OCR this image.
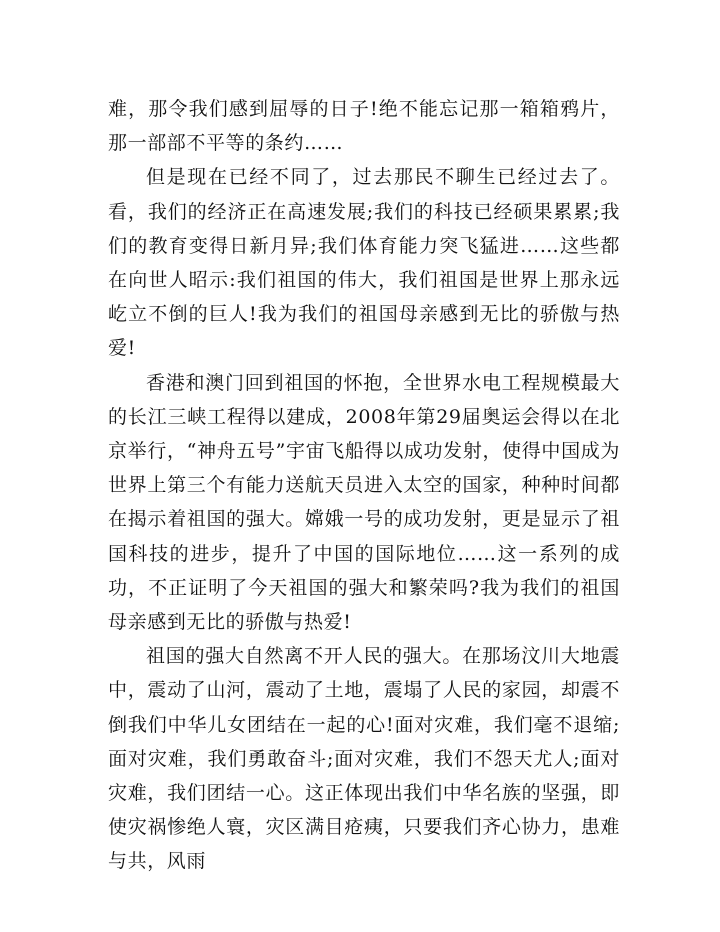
难，那令我们感到屈辱的日子!绝不能忘记那一箱箱鸦片，那一部部不平等的条约……

但是现在已经不同了，过去那民不聊生已经过去了。看，我们的经济正在高速发展;我们的科技已经硕果累累;我们的教育变得日新月异;我们体育能力突飞猛进……这些都在向世人昭示:我们祖国的伟大，我们祖国是世界上那永远屹立不倒的巨人!我为我们的祖国母亲感到无比的骄傲与热爱!

香港和澳门回到祖国的怀抱，全世界水电工程规模最大的长江三峡工程得以建成，2008年第29届奥运会得以在北京举行，“神舟五号”宇宙飞船得以成功发射，使得中国成为世界上第三个有能力送航天员进入太空的国家，种种时间都在揭示着祖国的强大。嫦娥一号的成功发射，更是显示了祖国科技的进步，提升了中国的国际地位……这一系列的成功，不正证明了今天祖国的强大和繁荣吗?我为我们的祖国母亲感到无比的骄傲与热爱!

祖国的强大自然离不开人民的强大。在那场汶川大地震中，震动了山河，震动了土地，震塌了人民的家园，却震不倒我们中华儿女团结在一起的心!面对灾难，我们毫不退缩;面对灾难，我们勇敢奋斗;面对灾难，我们不怨天尤人;面对灾难，我们团结一心。这正体现出我们中华名族的坚强，即使灾祸惨绝人寰，灾区满目疮痍，只要我们齐心协力，患难与共，风雨
